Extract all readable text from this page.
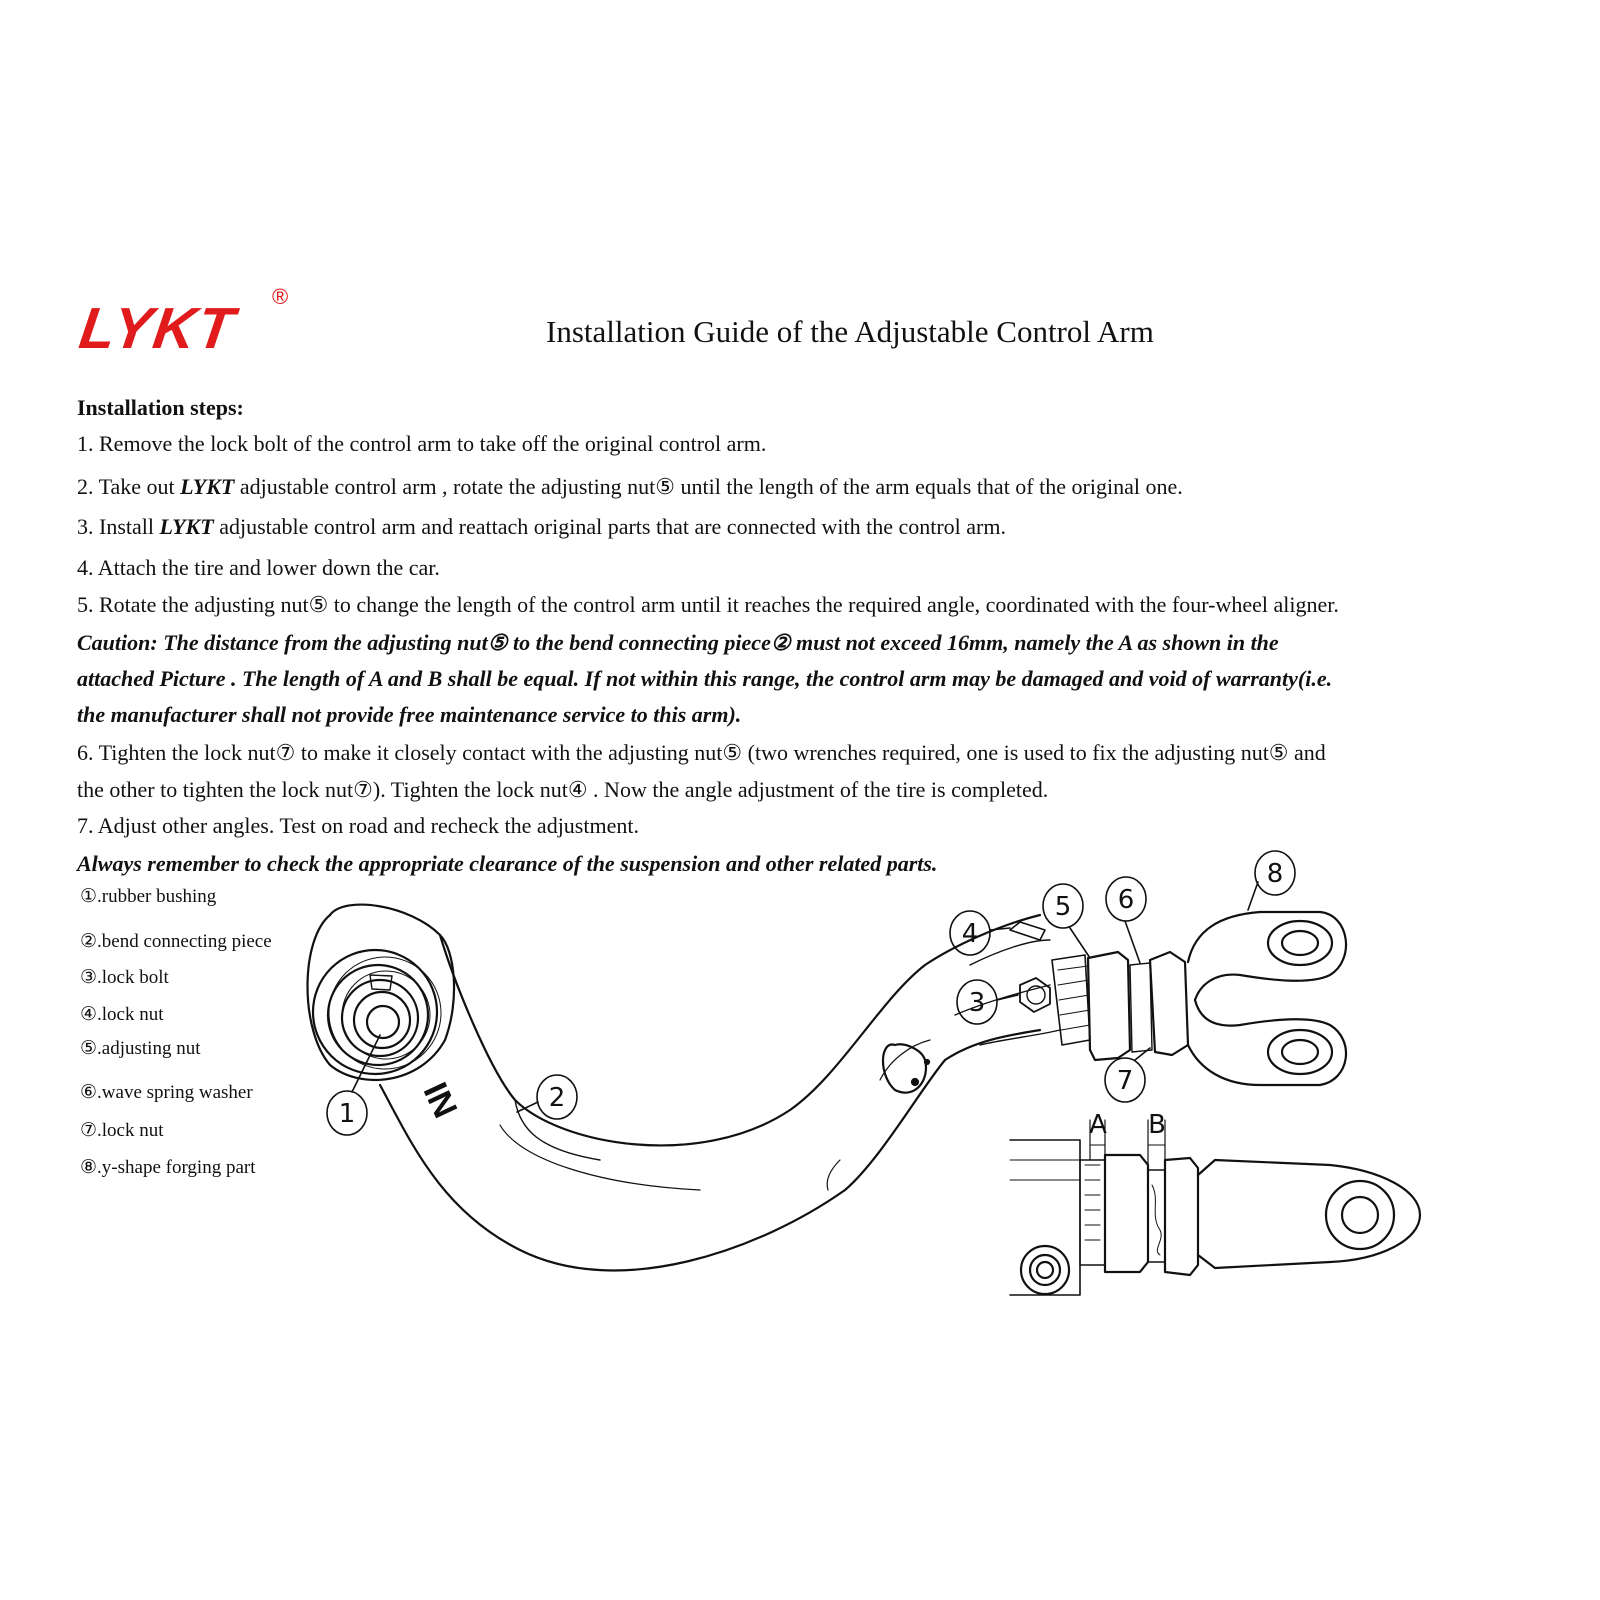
LYKT ®
Installation Guide of the Adjustable Control Arm
Installation steps:
1. Remove the lock bolt of the control arm to take off the original control arm.
2. Take out LYKT adjustable control arm , rotate the adjusting nut⑤ until the length of the arm equals that of the original one.
3. Install LYKT adjustable control arm and reattach original parts that are connected with the control arm.
4. Attach the tire and lower down the car.
5. Rotate the adjusting nut⑤ to change the length of the control arm until it reaches the required angle, coordinated with the four-wheel aligner.
Caution: The distance from the adjusting nut⑤ to the bend connecting piece② must not exceed 16mm, namely the A as shown in the
attached Picture . The length of A and B shall be equal. If not within this range, the control arm may be damaged and void of warranty(i.e.
the manufacturer shall not provide free maintenance service to this arm).
6. Tighten the lock nut⑦ to make it closely contact with the adjusting nut⑤ (two wrenches required, one is used to fix the adjusting nut⑤ and
the other to tighten the lock nut⑦). Tighten the lock nut④ . Now the angle adjustment of the tire is completed.
7. Adjust other angles. Test on road and recheck the adjustment.
Always remember to check the appropriate clearance of the suspension and other related parts.
①.rubber bushing
②.bend connecting piece
③.lock bolt
④.lock nut
⑤.adjusting nut
⑥.wave spring washer
⑦.lock nut
⑧.y-shape forging part
IN
1
2
3
4
5 6
7
8
A B
